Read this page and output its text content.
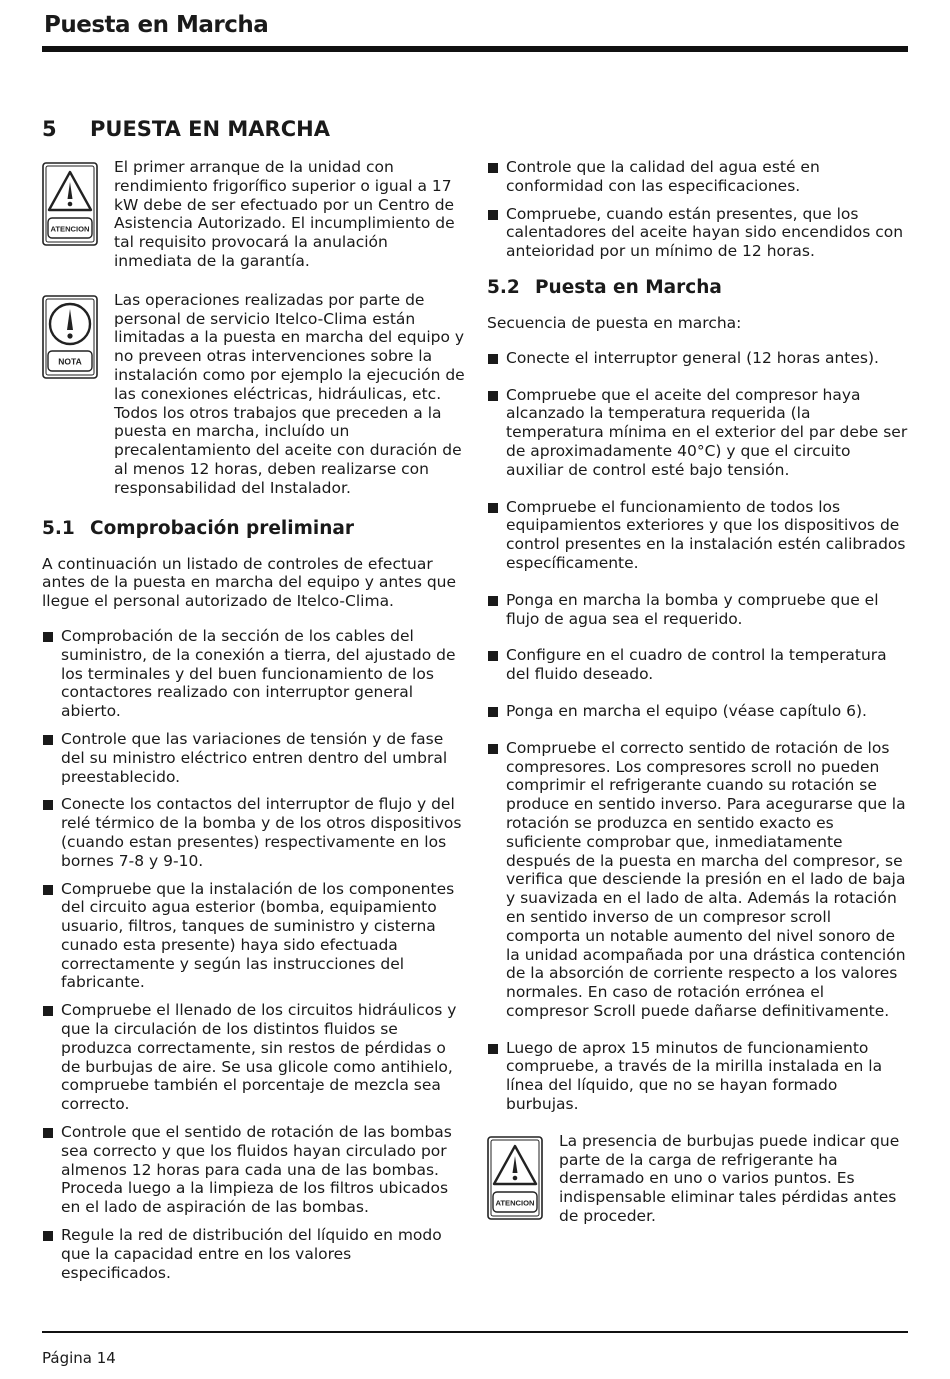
Puesta en Marcha
5 PUESTA EN MARCHA
ATENCION

El primer arranque de la unidad con rendimiento frigorífico superior o igual a 17 kW debe de ser efectuado por un Centro de Asistencia Autorizado. El incumplimiento de tal requisito provocará la anulación inmediata de la garantía.

NOTA

Las operaciones realizadas por parte de personal de servicio Itelco-Clima están limitadas a la puesta en marcha del equipo y no preveen otras intervenciones sobre la instalación como por ejemplo la ejecución de las conexiones eléctricas, hidráulicas, etc. Todos los otros trabajos que preceden a la puesta en marcha, incluído un precalentamiento del aceite con duración de al menos 12 horas, deben realizarse con responsabilidad del Instalador.

5.1 Comprobación preliminar

A continuación un listado de controles de efectuar antes de la puesta en marcha del equipo y antes que llegue el personal autorizado de Itelco-Clima.

Comprobación de la sección de los cables del suministro, de la conexión a tierra, del ajustado de los terminales y del buen funcionamiento de los contactores realizado con interruptor general abierto.
Controle que las variaciones de tensión y de fase del su ministro eléctrico entren dentro del umbral preestablecido.
Conecte los contactos del interruptor de flujo y del relé térmico de la bomba y de los otros dispositivos (cuando estan presentes) respectivamente en los bornes 7-8 y 9-10.
Compruebe que la instalación de los componentes del circuito agua esterior (bomba, equipamiento usuario, filtros, tanques de suministro y cisterna cunado esta presente) haya sido efectuada correctamente y según las instrucciones del fabricante.
Compruebe el llenado de los circuitos hidráulicos y que la circulación de los distintos fluidos se produzca correctamente, sin restos de pérdidas o de burbujas de aire. Se usa glicole como antihielo, compruebe también el porcentaje de mezcla sea correcto.
Controle que el sentido de rotación de las bombas sea correcto y que los fluidos hayan circulado por almenos 12 horas para cada una de las bombas. Proceda luego a la limpieza de los filtros ubicados en el lado de aspiración de las bombas.
Regule la red de distribución del líquido en modo que la capacidad entre en los valores especificados.
Controle que la calidad del agua esté en conformidad con las especificaciones.
Compruebe, cuando están presentes, que los calentadores del aceite hayan sido encendidos con anteioridad por un mínimo de 12 horas.
5.2 Puesta en Marcha

Secuencia de puesta en marcha:

Conecte el interruptor general (12 horas antes).
Compruebe que el aceite del compresor haya alcanzado la temperatura requerida (la temperatura mínima en el exterior del par debe ser de aproximadamente 40°C) y que el circuito auxiliar de control esté bajo tensión.
Compruebe el funcionamiento de todos los equipamientos exteriores y que los dispositivos de control presentes en la instalación estén calibrados específicamente.
Ponga en marcha la bomba y compruebe que el flujo de agua sea el requerido.
Configure en el cuadro de control la temperatura del fluido deseado.
Ponga en marcha el equipo (véase capítulo 6).
Compruebe el correcto sentido de rotación de los compresores. Los compresores scroll no pueden comprimir el refrigerante cuando su rotación se produce en sentido inverso. Para acegurarse que la rotación se produzca en sentido exacto es suficiente comprobar que, inmediatamente después de la puesta en marcha del compresor, se verifica que desciende la presión en el lado de baja y suavizada en el lado de alta. Además la rotación en sentido inverso de un compresor scroll comporta un notable aumento del nivel sonoro de la unidad acompañada por una drástica contención de la absorción de corriente respecto a los valores normales. En caso de rotación errónea el compresor Scroll puede dañarse definitivamente.
Luego de aprox 15 minutos de funcionamiento compruebe, a través de la mirilla instalada en la línea del líquido, que no se hayan formado burbujas.
ATENCION

La presencia de burbujas puede indicar que parte de la carga de refrigerante ha derramado en uno o varios puntos. Es indispensable eliminar tales pérdidas antes de proceder.

Página 14
